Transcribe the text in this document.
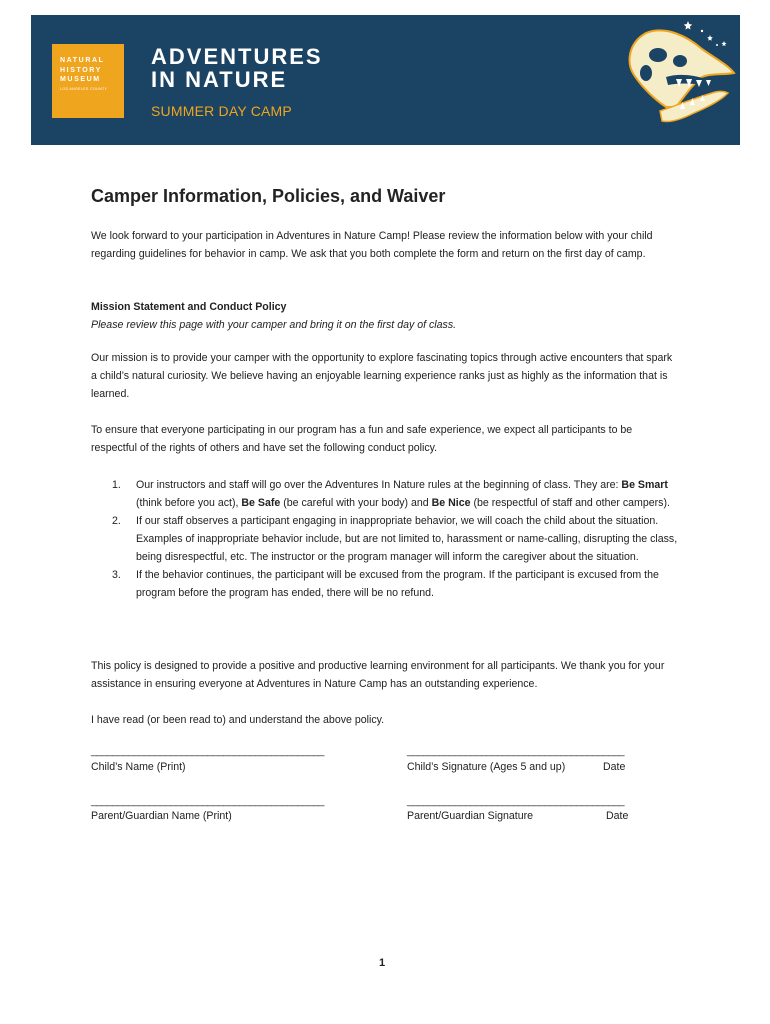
NATURAL
HISTORY
MUSEUM
LOS ANGELES COUNTY
ADVENTURES
IN NATURE
SUMMER DAY CAMP
Camper Information, Policies, and Waiver

We look forward to your participation in Adventures in Nature Camp! Please review the information below with your child regarding guidelines for behavior in camp. We ask that you both complete the form and return on the first day of camp.

Mission Statement and Conduct Policy

Please review this page with your camper and bring it on the first day of class.

Our mission is to provide your camper with the opportunity to explore fascinating topics through active encounters that spark a child’s natural curiosity. We believe having an enjoyable learning experience ranks just as highly as the information that is learned.

To ensure that everyone participating in our program has a fun and safe experience, we expect all participants to be respectful of the rights of others and have set the following conduct policy.

1. Our instructors and staff will go over the Adventures In Nature rules at the beginning of class. They are: Be Smart (think before you act), Be Safe (be careful with your body) and Be Nice (be respectful of staff and other campers).
2. If our staff observes a participant engaging in inappropriate behavior, we will coach the child about the situation. Examples of inappropriate behavior include, but are not limited to, harassment or name-calling, disrupting the class, being disrespectful, etc. The instructor or the program manager will inform the caregiver about the situation.
3. If the behavior continues, the participant will be excused from the program. If the participant is excused from the program before the program has ended, there will be no refund.

This policy is designed to provide a positive and productive learning environment for all participants. We thank you for your assistance in ensuring everyone at Adventures in Nature Camp has an outstanding experience.

I have read (or been read to) and understand the above policy.

____________________________________________	_________________________________________
Child’s Name (Print)	Child’s Signature (Ages 5 and up)	Date
____________________________________________	_________________________________________
Parent/Guardian Name (Print)	Parent/Guardian Signature	Date
1
